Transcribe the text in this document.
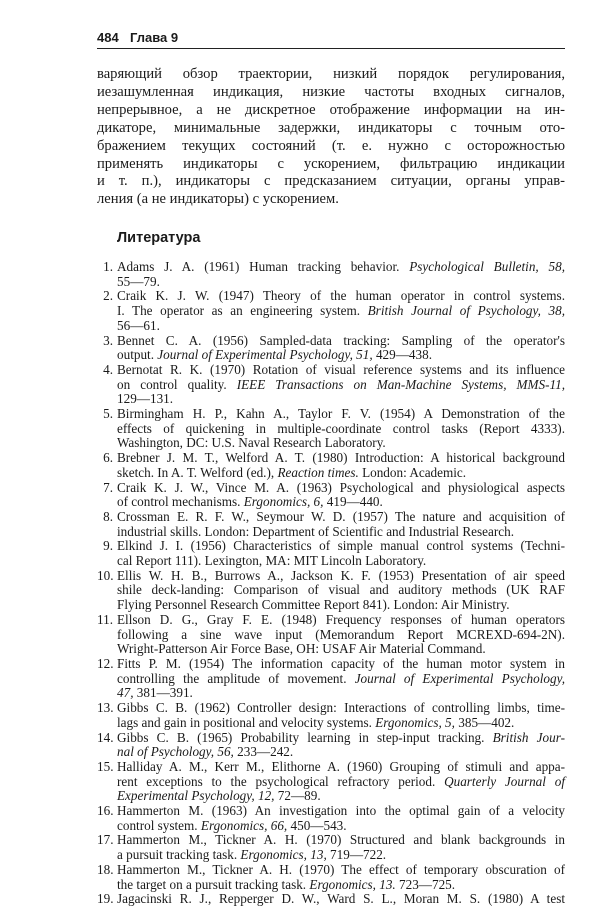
484 Глава 9
варяющий обзор траектории, низкий порядок регулирования,
иезашумленная индикация, низкие частоты входных сигналов,
непрерывное, а не дискретное отображение информации на ин-
дикаторе, минимальные задержки, индикаторы с точным ото-
бражением текущих состояний (т. е. нужно с осторожностью
применять индикаторы с ускорением, фильтрацию индикации
и т. п.), индикаторы с предсказанием ситуации, органы управ-
ления (а не индикаторы) с ускорением.
Литература
1. Adams J. A. (1961) Human tracking behavior. Psychological Bulletin, 58,
55—79.
2. Craik K. J. W. (1947) Theory of the human operator in control systems.
I. The operator as an engineering system. British Journal of Psychology, 38,
56—61.
3. Bennet C. A. (1956) Sampled-data tracking: Sampling of the operator's
output. Journal of Experimental Psychology, 51, 429—438.
4. Bernotat R. K. (1970) Rotation of visual reference systems and its influence
on control quality. IEEE Transactions on Man-Machine Systems, MMS-11,
129—131.
5. Birmingham H. P., Kahn A., Taylor F. V. (1954) A Demonstration of the
effects of quickening in multiple-coordinate control tasks (Report 4333).
Washington, DC: U.S. Naval Research Laboratory.
6. Brebner J. M. T., Welford A. T. (1980) Introduction: A historical background
sketch. In A. T. Welford (ed.), Reaction times. London: Academic.
7. Craik K. J. W., Vince M. A. (1963) Psychological and physiological aspects
of control mechanisms. Ergonomics, 6, 419—440.
8. Crossman E. R. F. W., Seymour W. D. (1957) The nature and acquisition of
industrial skills. London: Department of Scientific and Industrial Research.
9. Elkind J. I. (1956) Characteristics of simple manual control systems (Techni-
cal Report 111). Lexington, MA: MIT Lincoln Laboratory.
10. Ellis W. H. B., Burrows A., Jackson K. F. (1953) Presentation of air speed
shile deck-landing: Comparison of visual and auditory methods (UK RAF
Flying Personnel Research Committee Report 841). London: Air Ministry.
11. Ellson D. G., Gray F. E. (1948) Frequency responses of human operators
following a sine wave input (Memorandum Report MCREXD-694-2N).
Wright-Patterson Air Force Base, OH: USAF Air Material Command.
12. Fitts P. M. (1954) The information capacity of the human motor system in
controlling the amplitude of movement. Journal of Experimental Psychology,
47, 381—391.
13. Gibbs C. B. (1962) Controller design: Interactions of controlling limbs, time-
lags and gain in positional and velocity systems. Ergonomics, 5, 385—402.
14. Gibbs C. B. (1965) Probability learning in step-input tracking. British Jour-
nal of Psychology, 56, 233—242.
15. Halliday A. M., Kerr M., Elithorne A. (1960) Grouping of stimuli and appa-
rent exceptions to the psychological refractory period. Quarterly Journal of
Experimental Psychology, 12, 72—89.
16. Hammerton M. (1963) An investigation into the optimal gain of a velocity
control system. Ergonomics, 66, 450—543.
17. Hammerton M., Tickner A. H. (1970) Structured and blank backgrounds in
a pursuit tracking task. Ergonomics, 13, 719—722.
18. Hammerton M., Tickner A. H. (1970) The effect of temporary obscuration of
the target on a pursuit tracking task. Ergonomics, 13. 723—725.
19. Jagacinski R. J., Repperger D. W., Ward S. L., Moran M. S. (1980) A test
